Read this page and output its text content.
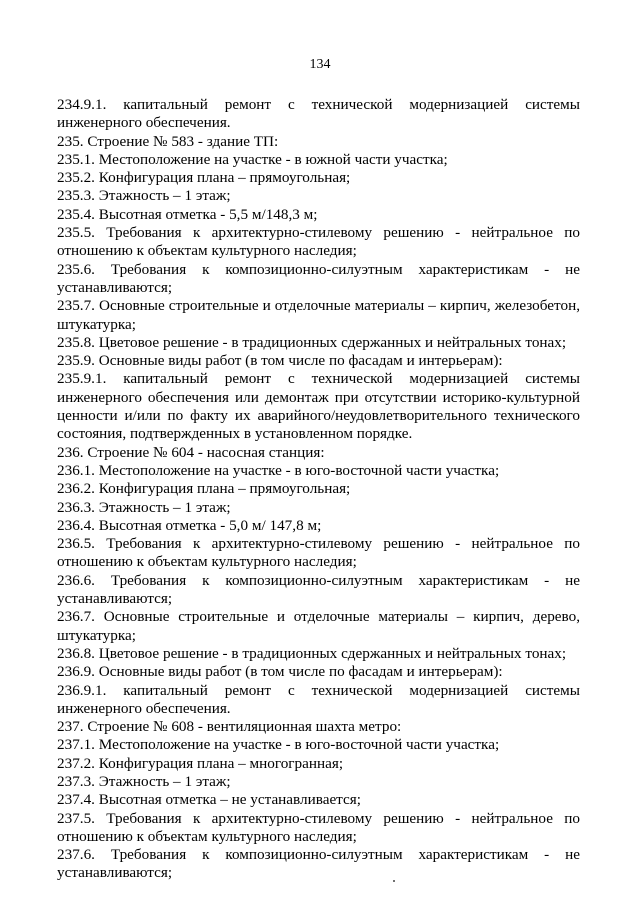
134
234.9.1. капитальный ремонт с технической модернизацией системы
инженерного обеспечения.
235. Строение № 583 - здание ТП:
235.1. Местоположение на участке - в южной части участка;
235.2. Конфигурация плана – прямоугольная;
235.3. Этажность – 1 этаж;
235.4. Высотная отметка - 5,5 м/148,3 м;
235.5. Требования к архитектурно-стилевому решению - нейтральное по
отношению к объектам культурного наследия;
235.6. Требования к композиционно-силуэтным характеристикам - не
устанавливаются;
235.7. Основные строительные и отделочные материалы – кирпич, железобетон,
штукатурка;
235.8. Цветовое решение - в традиционных сдержанных и нейтральных тонах;
235.9. Основные виды работ (в том числе по фасадам и интерьерам):
235.9.1. капитальный ремонт с технической модернизацией системы
инженерного обеспечения или демонтаж при отсутствии историко-культурной
ценности и/или по факту их аварийного/неудовлетворительного технического
состояния, подтвержденных в установленном порядке.
236. Строение № 604 - насосная станция:
236.1. Местоположение на участке - в юго-восточной части участка;
236.2. Конфигурация плана – прямоугольная;
236.3. Этажность – 1 этаж;
236.4. Высотная отметка - 5,0 м/ 147,8 м;
236.5. Требования к архитектурно-стилевому решению - нейтральное по
отношению к объектам культурного наследия;
236.6. Требования к композиционно-силуэтным характеристикам - не
устанавливаются;
236.7. Основные строительные и отделочные материалы – кирпич, дерево,
штукатурка;
236.8. Цветовое решение - в традиционных сдержанных и нейтральных тонах;
236.9. Основные виды работ (в том числе по фасадам и интерьерам):
236.9.1. капитальный ремонт с технической модернизацией системы
инженерного обеспечения.
237. Строение № 608 - вентиляционная шахта метро:
237.1. Местоположение на участке - в юго-восточной части участка;
237.2. Конфигурация плана – многогранная;
237.3. Этажность – 1 этаж;
237.4. Высотная отметка – не устанавливается;
237.5. Требования к архитектурно-стилевому решению - нейтральное по
отношению к объектам культурного наследия;
237.6. Требования к композиционно-силуэтным характеристикам - не
устанавливаются;
